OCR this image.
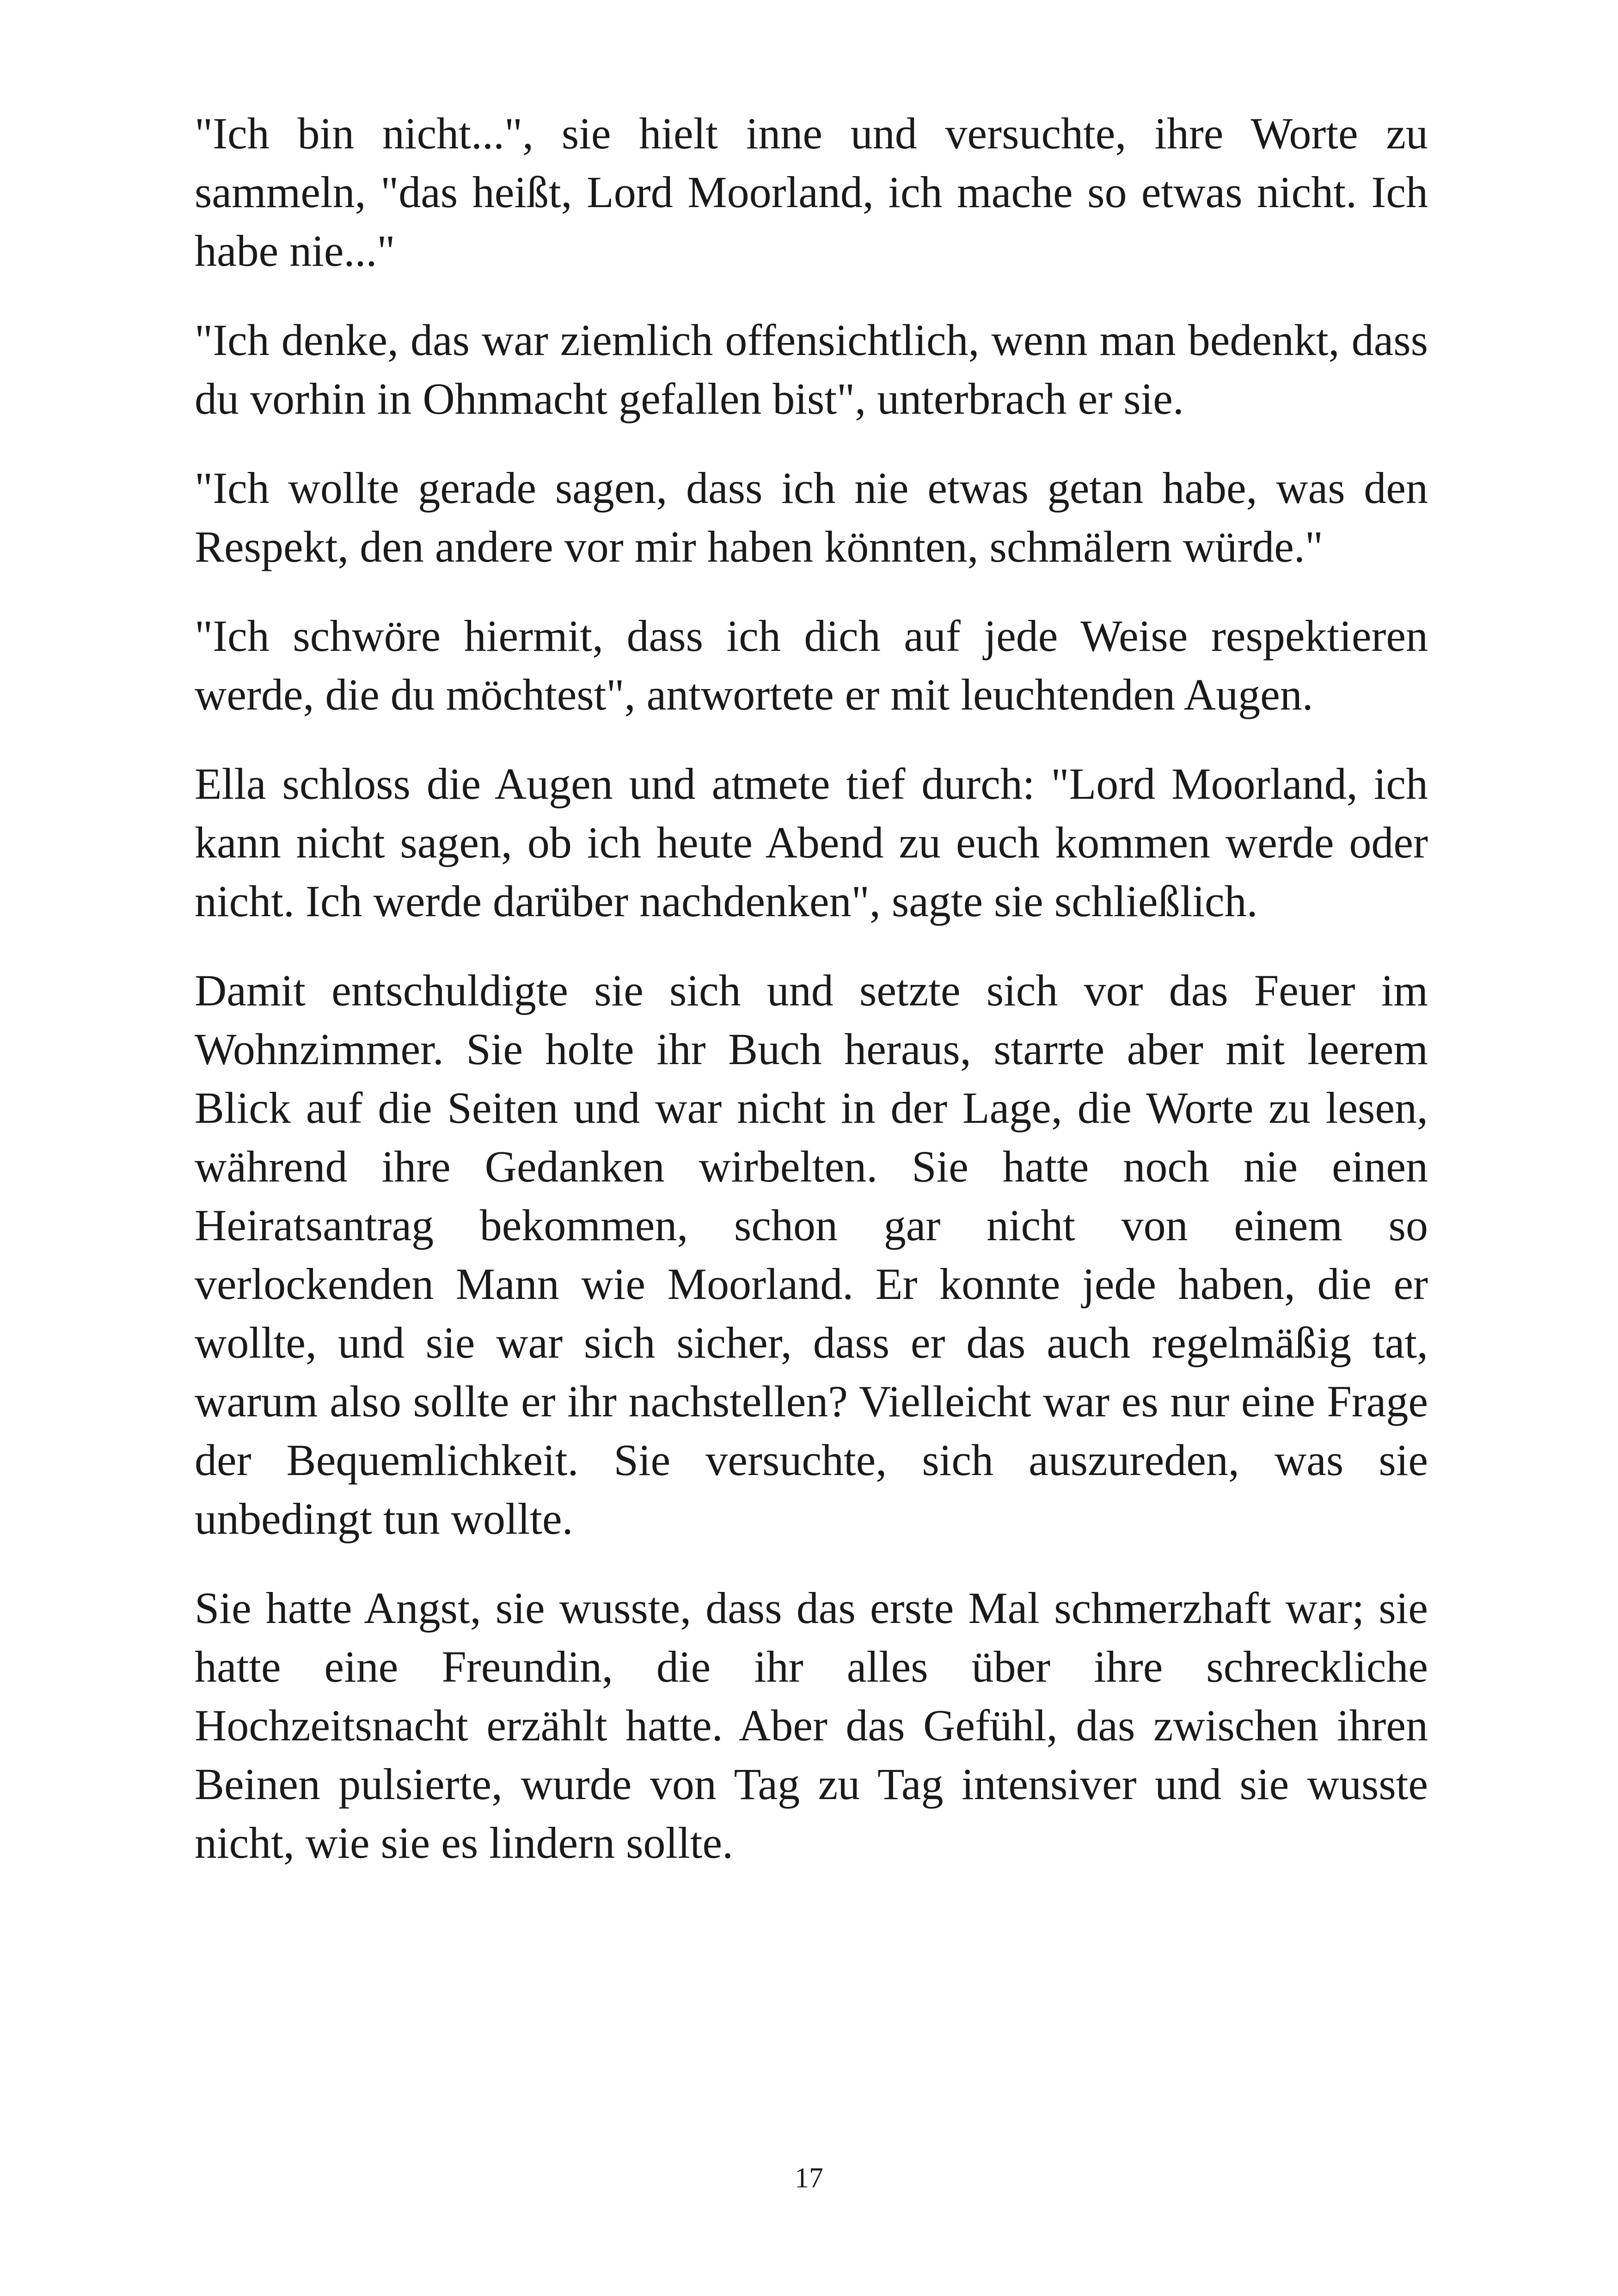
"Ich bin nicht...", sie hielt inne und versuchte, ihre Worte zu sammeln, "das heißt, Lord Moorland, ich mache so etwas nicht. Ich habe nie..."

"Ich denke, das war ziemlich offensichtlich, wenn man bedenkt, dass du vorhin in Ohnmacht gefallen bist", unterbrach er sie.

"Ich wollte gerade sagen, dass ich nie etwas getan habe, was den Respekt, den andere vor mir haben könnten, schmälern würde."

"Ich schwöre hiermit, dass ich dich auf jede Weise respektieren werde, die du möchtest", antwortete er mit leuchtenden Augen.

Ella schloss die Augen und atmete tief durch: "Lord Moorland, ich kann nicht sagen, ob ich heute Abend zu euch kommen werde oder nicht. Ich werde darüber nachdenken", sagte sie schließlich.

Damit entschuldigte sie sich und setzte sich vor das Feuer im Wohnzimmer. Sie holte ihr Buch heraus, starrte aber mit leerem Blick auf die Seiten und war nicht in der Lage, die Worte zu lesen, während ihre Gedanken wirbelten. Sie hatte noch nie einen Heiratsantrag bekommen, schon gar nicht von einem so verlockenden Mann wie Moorland. Er konnte jede haben, die er wollte, und sie war sich sicher, dass er das auch regelmäßig tat, warum also sollte er ihr nachstellen? Vielleicht war es nur eine Frage der Bequemlichkeit. Sie versuchte, sich auszureden, was sie unbedingt tun wollte.

Sie hatte Angst, sie wusste, dass das erste Mal schmerzhaft war; sie hatte eine Freundin, die ihr alles über ihre schreckliche Hochzeitsnacht erzählt hatte. Aber das Gefühl, das zwischen ihren Beinen pulsierte, wurde von Tag zu Tag intensiver und sie wusste nicht, wie sie es lindern sollte.

17
